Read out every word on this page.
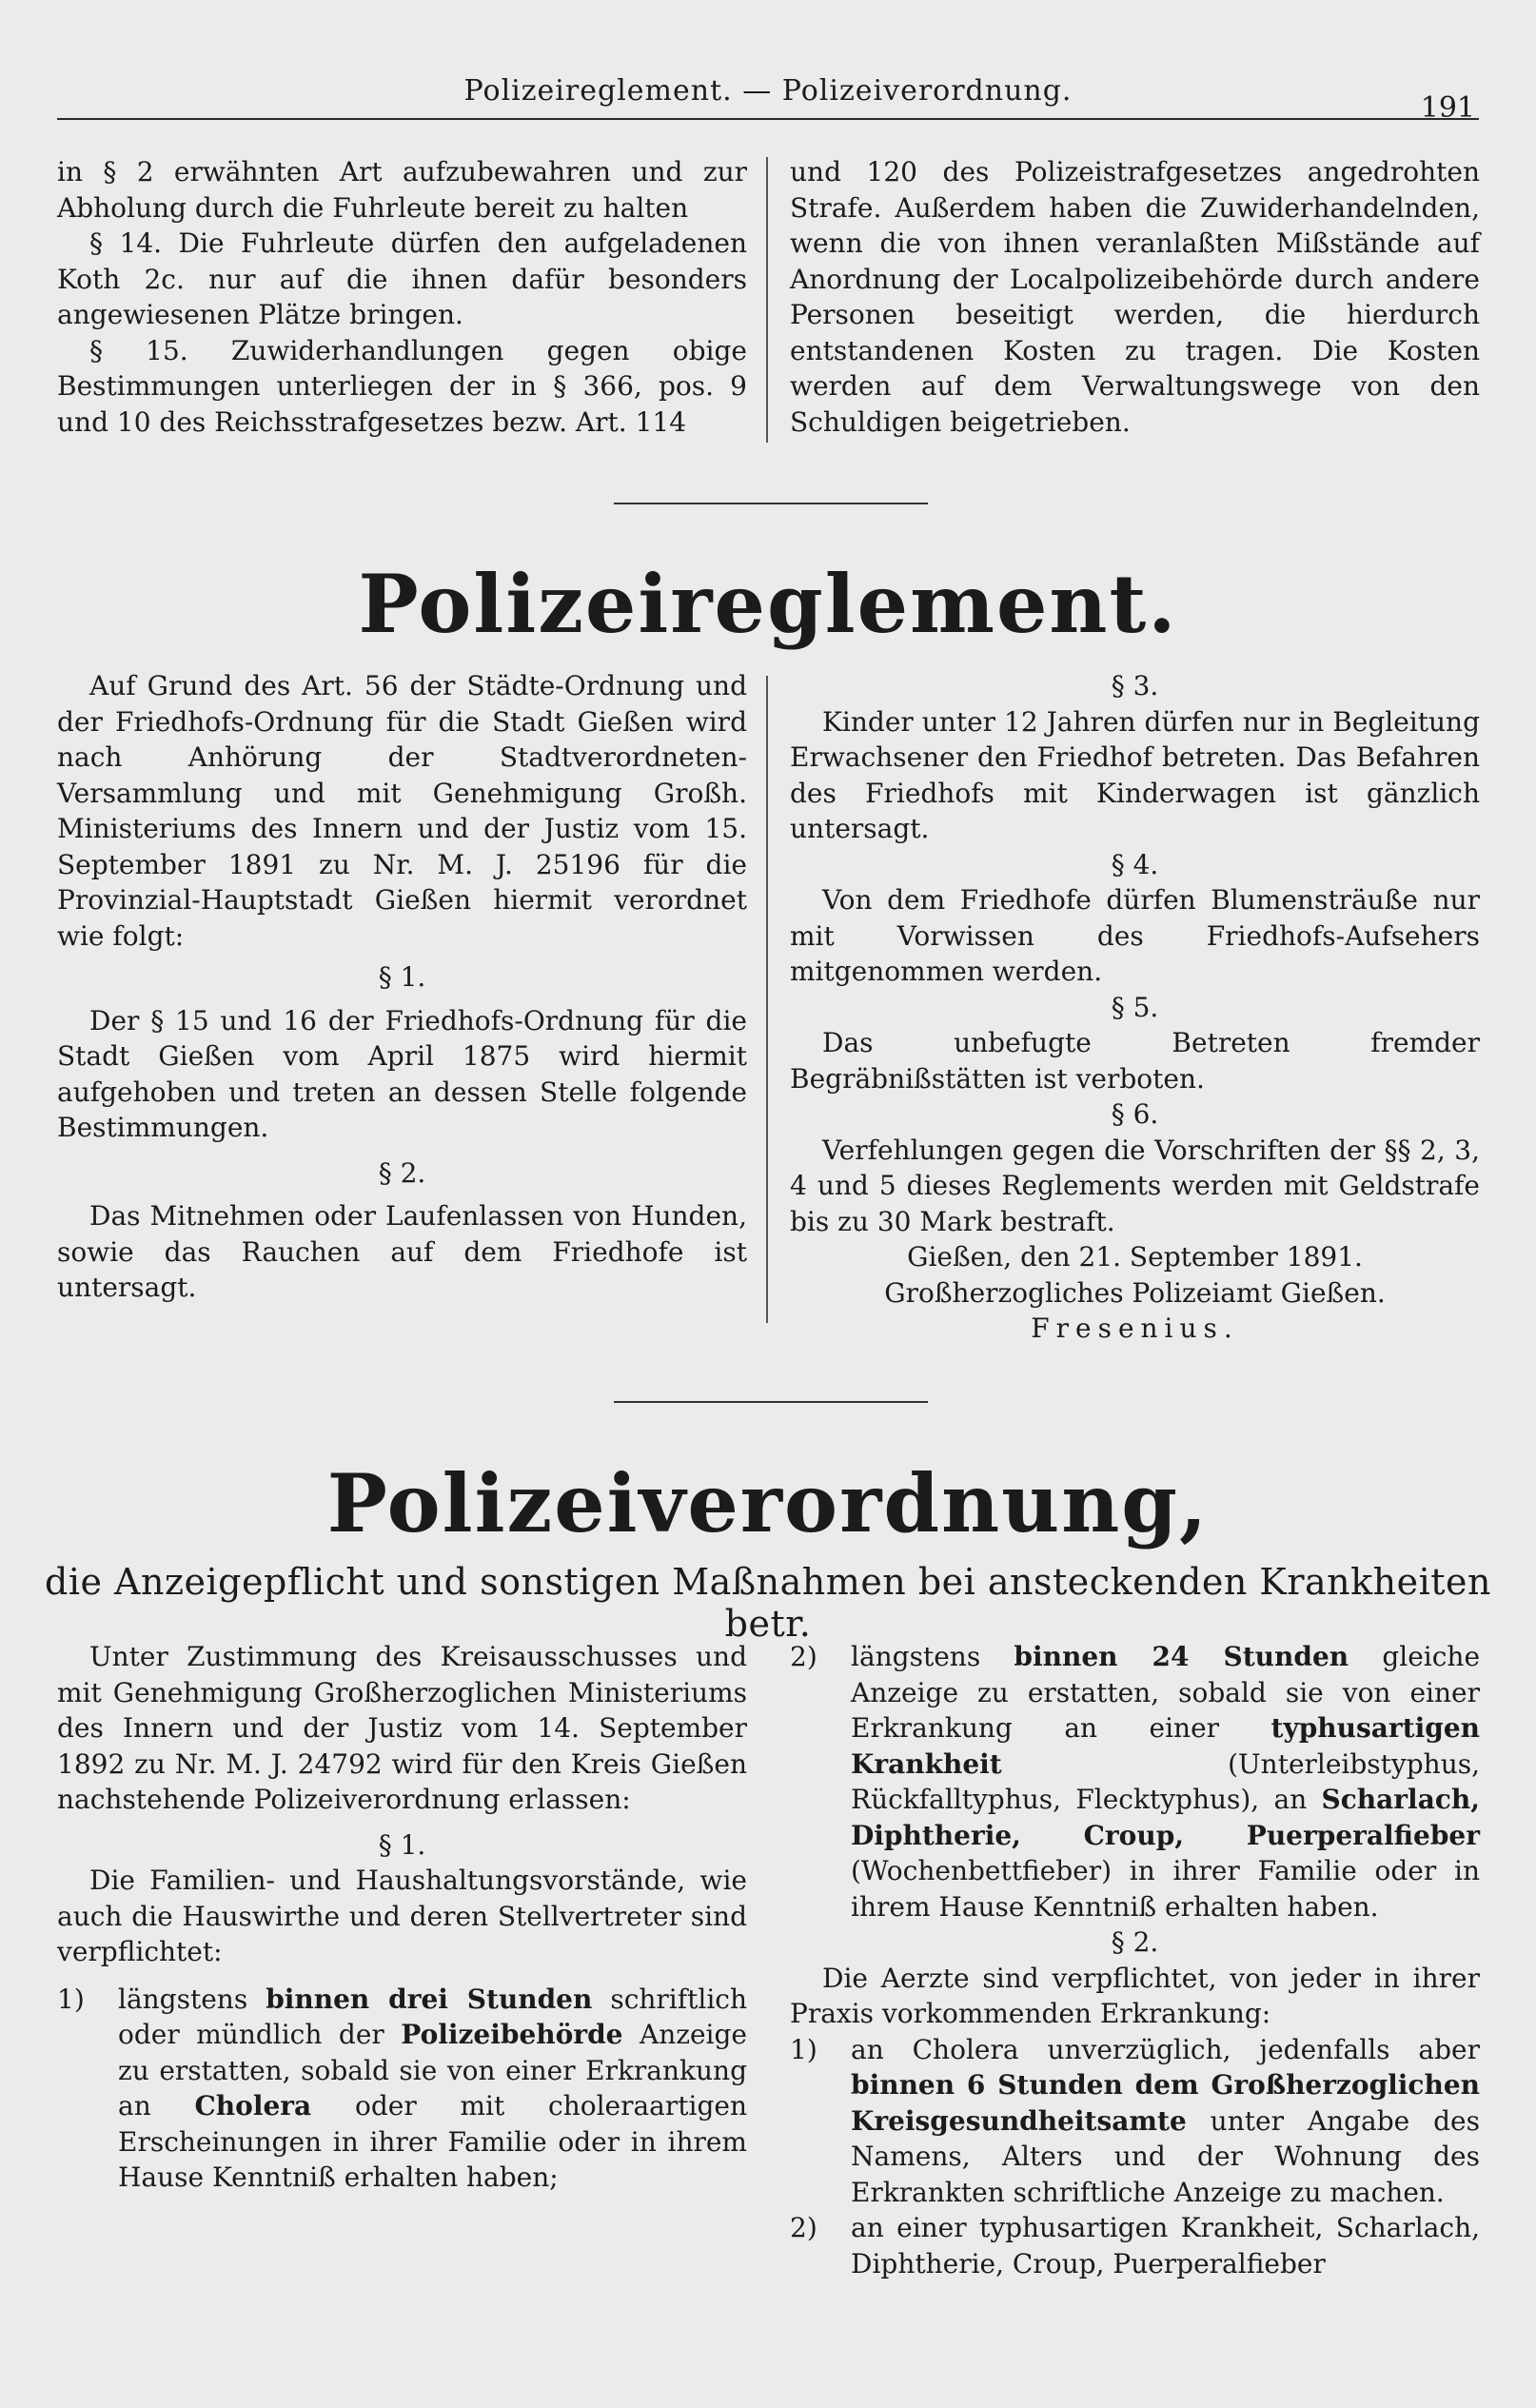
Polizeireglement. — Polizeiverordnung.
191

in § 2 erwähnten Art aufzubewahren und zur Abholung durch die Fuhrleute bereit zu halten

§ 14. Die Fuhrleute dürfen den aufgeladenen Koth 2c. nur auf die ihnen dafür besonders angewiesenen Plätze bringen.

§ 15. Zuwiderhandlungen gegen obige Bestimmungen unterliegen der in § 366, pos. 9 und 10 des Reichsstrafgesetzes bezw. Art. 114

und 120 des Polizeistrafgesetzes angedrohten Strafe. Außerdem haben die Zuwiderhandelnden, wenn die von ihnen veranlaßten Mißstände auf Anordnung der Localpolizeibehörde durch andere Personen beseitigt werden, die hierdurch entstandenen Kosten zu tragen. Die Kosten werden auf dem Verwaltungswege von den Schuldigen beigetrieben.

Polizeireglement.

Auf Grund des Art. 56 der Städte-Ordnung und der Friedhofs-Ordnung für die Stadt Gießen wird nach Anhörung der Stadtverordneten-Versammlung und mit Genehmigung Großh. Ministeriums des Innern und der Justiz vom 15. September 1891 zu Nr. M. J. 25196 für die Provinzial-Hauptstadt Gießen hiermit verordnet wie folgt:

§ 1.

Der § 15 und 16 der Friedhofs-Ordnung für die Stadt Gießen vom April 1875 wird hiermit aufgehoben und treten an dessen Stelle folgende Bestimmungen.

§ 2.

Das Mitnehmen oder Laufenlassen von Hunden, sowie das Rauchen auf dem Friedhofe ist untersagt.

§ 3.

Kinder unter 12 Jahren dürfen nur in Begleitung Erwachsener den Friedhof betreten. Das Befahren des Friedhofs mit Kinderwagen ist gänzlich untersagt.

§ 4.

Von dem Friedhofe dürfen Blumensträuße nur mit Vorwissen des Friedhofs-Aufsehers mitgenommen werden.

§ 5.

Das unbefugte Betreten fremder Begräbnißstätten ist verboten.

§ 6.

Verfehlungen gegen die Vorschriften der §§ 2, 3, 4 und 5 dieses Reglements werden mit Geldstrafe bis zu 30 Mark bestraft.

Gießen, den 21. September 1891.

Großherzogliches Polizeiamt Gießen.

Fresenius.

Polizeiverordnung,
die Anzeigepflicht und sonstigen Maßnahmen bei ansteckenden Krankheiten betr.

Unter Zustimmung des Kreisausschusses und mit Genehmigung Großherzoglichen Ministeriums des Innern und der Justiz vom 14. September 1892 zu Nr. M. J. 24792 wird für den Kreis Gießen nachstehende Polizeiverordnung erlassen:

§ 1.

Die Familien- und Haushaltungsvorstände, wie auch die Hauswirthe und deren Stellvertreter sind verpflichtet:

1)	längstens binnen drei Stunden schriftlich oder mündlich der Polizeibehörde Anzeige zu erstatten, sobald sie von einer Erkrankung an Cholera oder mit choleraartigen Erscheinungen in ihrer Familie oder in ihrem Hause Kenntniß erhalten haben;
2)	längstens binnen 24 Stunden gleiche Anzeige zu erstatten, sobald sie von einer Erkrankung an einer typhusartigen Krankheit (Unterleibstyphus, Rückfalltyphus, Flecktyphus), an Scharlach, Diphtherie, Croup, Puerperalfieber (Wochenbettfieber) in ihrer Familie oder in ihrem Hause Kenntniß erhalten haben.

§ 2.

Die Aerzte sind verpflichtet, von jeder in ihrer Praxis vorkommenden Erkrankung:

1)	an Cholera unverzüglich, jedenfalls aber binnen 6 Stunden dem Großherzoglichen Kreisgesundheitsamte unter Angabe des Namens, Alters und der Wohnung des Erkrankten schriftliche Anzeige zu machen.
2)	an einer typhusartigen Krankheit, Scharlach, Diphtherie, Croup, Puerperalfieber
